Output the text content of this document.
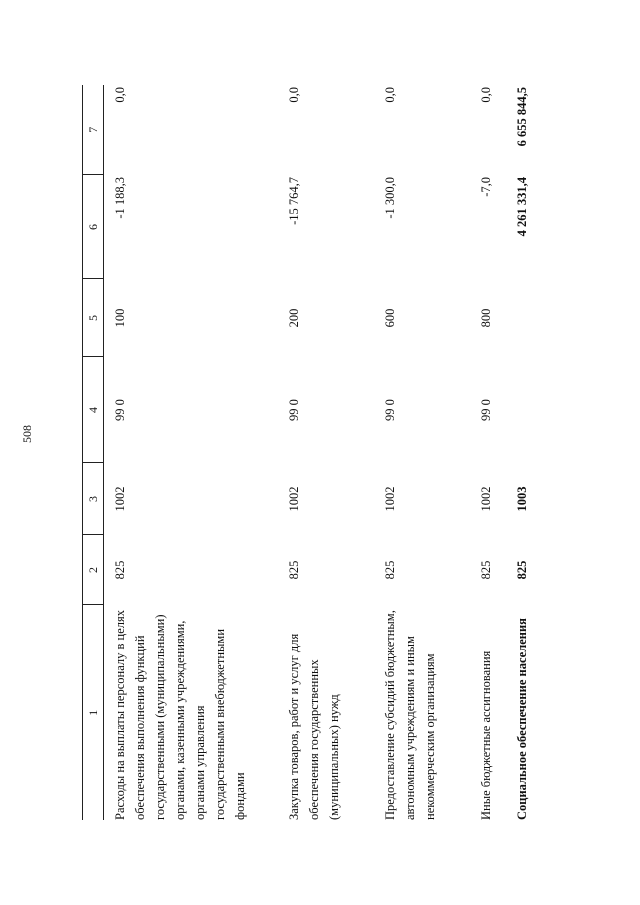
508
1	2	3	4	5	6	7
Расходы на выплаты персоналу в целях обеспечения выполнения функций государственными (муниципальными) органами, казенными учреждениями, органами управления государственными внебюджетными фондами	825	1002	99 0	100	-1 188,3	0,0
Закупка товаров, работ и услуг для обеспечения государственных (муниципальных) нужд	825	1002	99 0	200	-15 764,7	0,0
Предоставление субсидий бюджетным, автономным учреждениям и иным некоммерческим организациям	825	1002	99 0	600	-1 300,0	0,0
Иные бюджетные ассигнования	825	1002	99 0	800	-7,0	0,0
Социальное обеспечение населения	825	1003			4 261 331,4	6 655 844,5
